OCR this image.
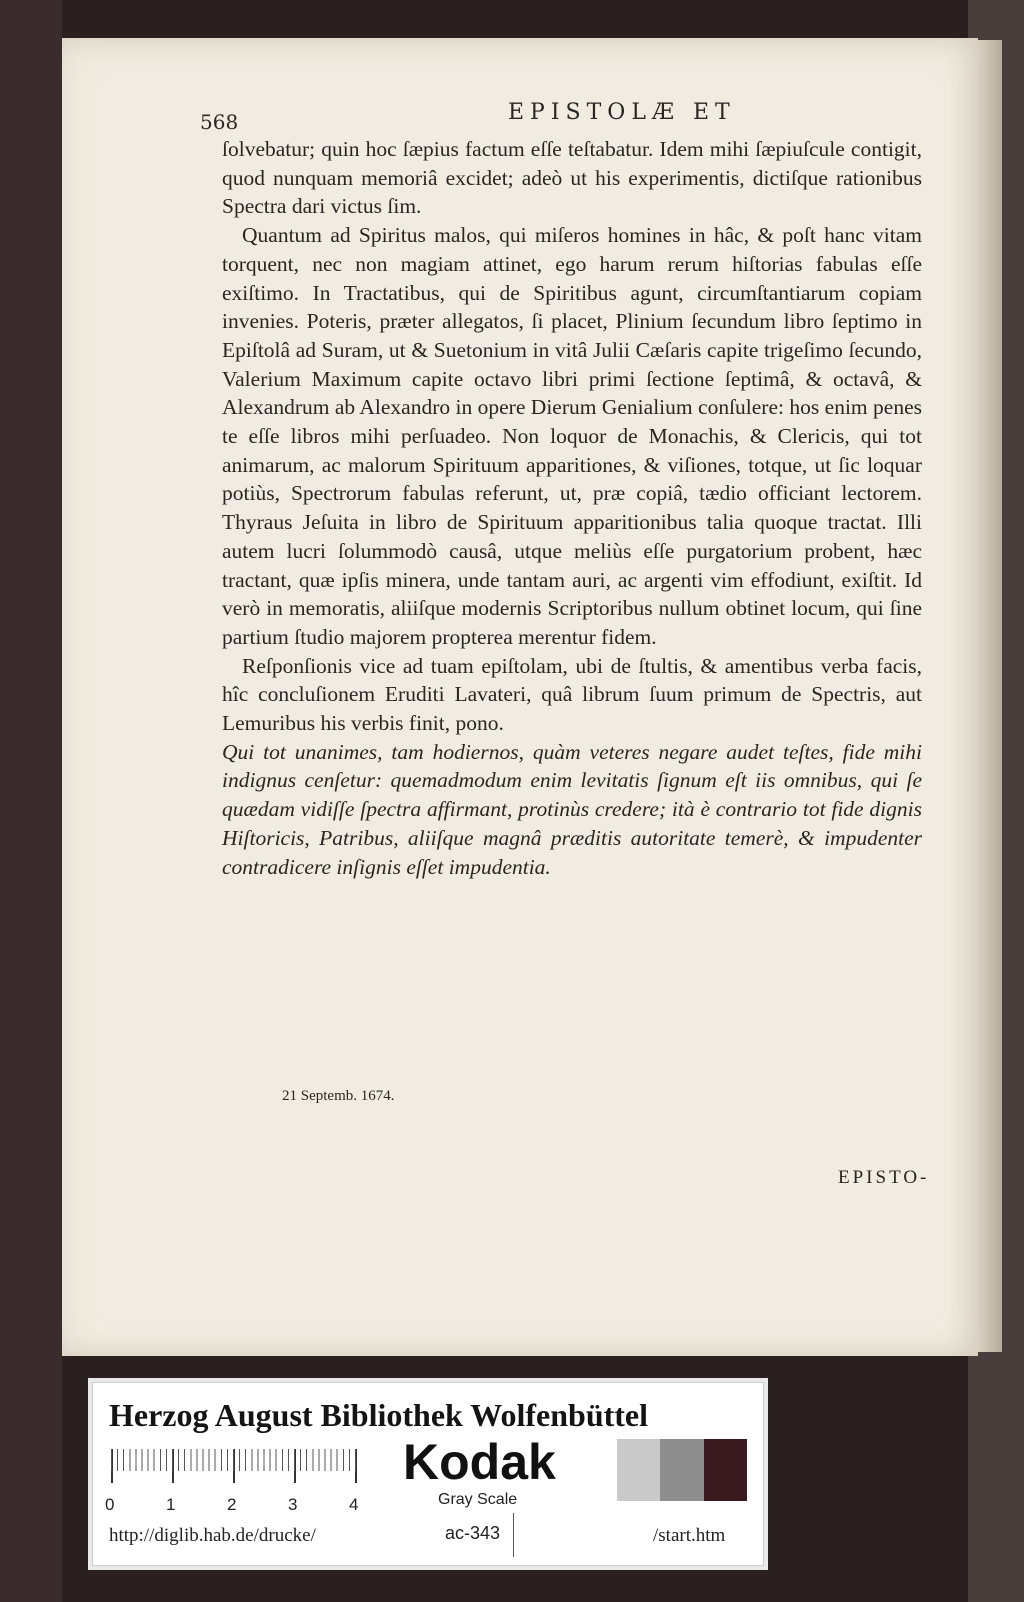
568	EPISTOLÆ ET

ſolvebatur; quin hoc ſæpius factum eſſe teſtabatur. Idem mihi ſæpiuſcule contigit, quod nunquam memoriâ excidet; adeò ut his experimentis, dictiſque rationibus Spectra dari victus ſim.

Quantum ad Spiritus malos, qui miſeros homines in hâc, & poſt hanc vitam torquent, nec non magiam attinet, ego harum rerum hiſtorias fabulas eſſe exiſtimo. In Tractatibus, qui de Spiritibus agunt, circumſtantiarum copiam invenies. Poteris, præter allegatos, ſi placet, Plinium ſecundum libro ſeptimo in Epiſtolâ ad Suram, ut & Suetonium in vitâ Julii Cæſaris capite trigeſimo ſecundo, Valerium Maximum capite octavo libri primi ſectione ſeptimâ, & octavâ, & Alexandrum ab Alexandro in opere Dierum Genialium conſulere: hos enim penes te eſſe libros mihi perſuadeo. Non loquor de Monachis, & Clericis, qui tot animarum, ac malorum Spirituum apparitiones, & viſiones, totque, ut ſic loquar potiùs, Spectrorum fabulas referunt, ut, præ copiâ, tædio officiant lectorem. Thyraus Jeſuita in libro de Spirituum apparitionibus talia quoque tractat. Illi autem lucri ſolummodò causâ, utque meliùs eſſe purgatorium probent, hæc tractant, quæ ipſis minera, unde tantam auri, ac argenti vim effodiunt, exiſtit. Id verò in memoratis, aliiſque modernis Scriptoribus nullum obtinet locum, qui ſine partium ſtudio majorem propterea merentur fidem.

Reſponſionis vice ad tuam epiſtolam, ubi de ſtultis, & amentibus verba facis, hîc concluſionem Eruditi Lavateri, quâ librum ſuum primum de Spectris, aut Lemuribus his verbis finit, pono.

Qui tot unanimes, tam hodiernos, quàm veteres negare audet teſtes, fide mihi indignus cenſetur: quemadmodum enim levitatis ſignum eſt iis omnibus, qui ſe quædam vidiſſe ſpectra affirmant, protinùs credere; ità è contrario tot fide dignis Hiſtoricis, Patribus, aliiſque magnâ præditis autoritate temerè, & impudenter contradicere inſignis eſſet impudentia.

21 Septemb. 1674.
EPISTO-
Herzog August Bibliothek Wolfenbüttel
0	1	2	3	4
Kodak
Gray Scale
http://diglib.hab.de/drucke/	ac-343	/start.htm
